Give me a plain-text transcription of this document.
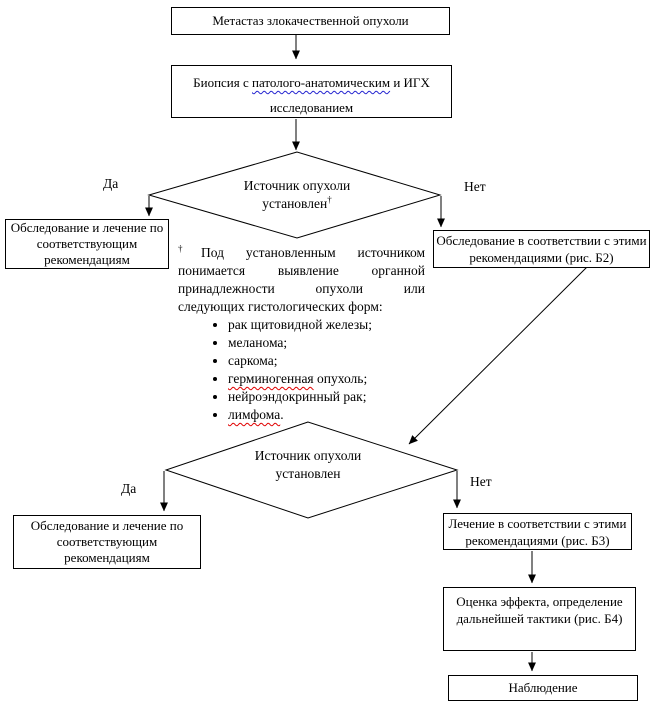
Метастаз злокачественной опухоли
Биопсия с патолого-анатомическим и ИГХ
исследованием
Источник опухоли
установлен†
Да	Нет
Обследование и лечение по
соответствующим
рекомендациям
Обследование в соответствии с этими
рекомендациями (рис. Б2)
†Под установленным источником
понимается выявление органной
принадлежности опухоли или
следующих гистологических форм:
• рак щитовидной железы;
• меланома;
• саркома;
• герминогенная опухоль;
• нейроэндокринный рак;
• лимфома.
Источник опухоли
установлен
Да	Нет
Обследование и лечение по
соответствующим
рекомендациям
Лечение в соответствии с этими
рекомендациями (рис. Б3)
Оценка эффекта, определение
дальнейшей тактики (рис. Б4)
Наблюдение
